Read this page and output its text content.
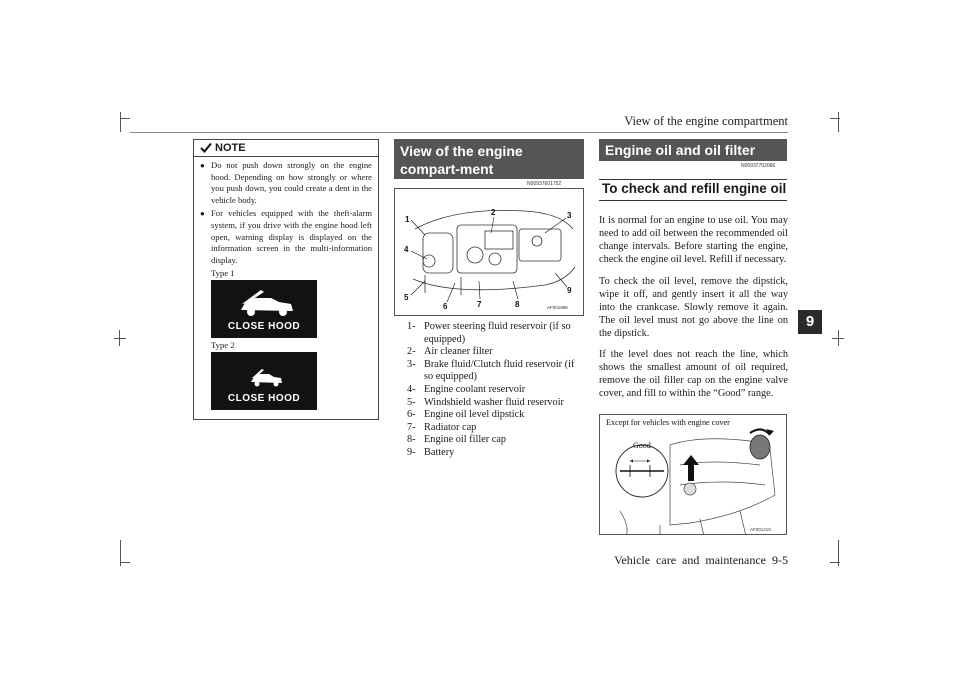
View of the engine compartment
Vehicle care and maintenance 9-5
9
NOTE
● Do not push down strongly on the engine hood. Depending on how strongly or where you push down, you could create a dent in the vehicle body.
● For vehicles equipped with the theft-alarm system, if you drive with the engine hood left open, warning display is displayed on the information screen in the multi-information display.
Type 1
CLOSE HOOD
Type 2
CLOSE HOOD
View of the engine compart-ment
N00937601752
1
2	3
4
5
6	7	8
9
AF001986
1- Power steering fluid reservoir (if so equipped)
2- Air cleaner filter
3- Brake fluid/Clutch fluid reservoir (if so equipped)
4- Engine coolant reservoir
5- Windshield washer fluid reservoir
6- Engine oil level dipstick
7- Radiator cap
8- Engine oil filler cap
9- Battery
Engine oil and oil filter
N00937702066
To check and refill engine oil
It is normal for an engine to use oil. You may need to add oil between the recommended oil change intervals. Before starting the engine, check the engine oil level. Refill if necessary.
To check the oil level, remove the dipstick, wipe it off, and gently insert it all the way into the crankcase. Slowly remove it again. The oil level must not go above the line on the dipstick.
If the level does not reach the line, which shows the smallest amount of oil required, remove the oil filler cap on the engine valve cover, and fill to within the “Good” range.
Good
Except for vehicles with engine cover
AF001210
